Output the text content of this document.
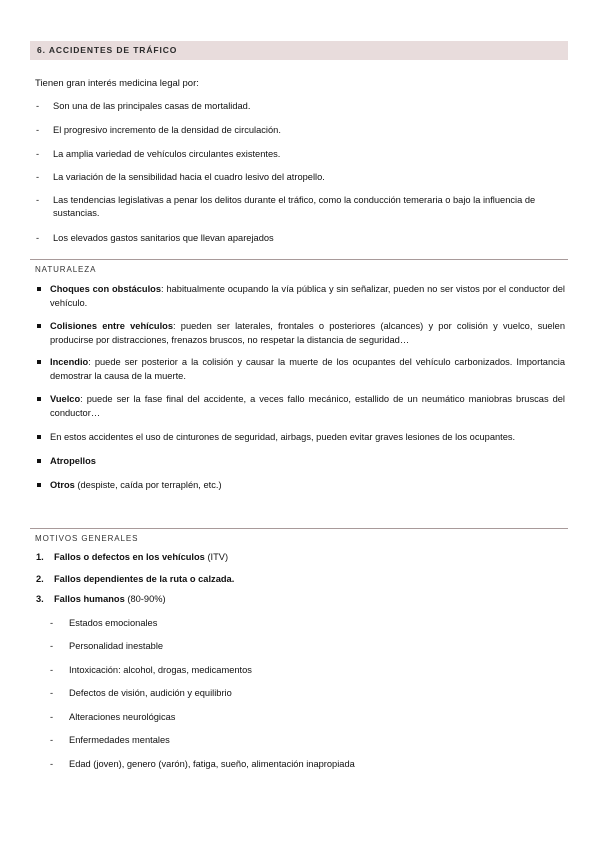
6. ACCIDENTES DE TRÁFICO
Tienen gran interés medicina legal por:
- Son una de las principales casas de mortalidad.
- El progresivo incremento de la densidad de circulación.
- La amplia variedad de vehículos circulantes existentes.
- La variación de la sensibilidad hacia el cuadro lesivo del atropello.
- Las tendencias legislativas a penar los delitos durante el tráfico, como la conducción temeraria o bajo la influencia de sustancias.
- Los elevados gastos sanitarios que llevan aparejados
NATURALEZA
Choques con obstáculos: habitualmente ocupando la vía pública y sin señalizar, pueden no ser vistos por el conductor del vehículo.
Colisiones entre vehículos: pueden ser laterales, frontales o posteriores (alcances) y por colisión y vuelco, suelen producirse por distracciones, frenazos bruscos, no respetar la distancia de seguridad…
Incendio: puede ser posterior a la colisión y causar la muerte de los ocupantes del vehículo carbonizados. Importancia demostrar la causa de la muerte.
Vuelco: puede ser la fase final del accidente, a veces fallo mecánico, estallido de un neumático maniobras bruscas del conductor…
En estos accidentes el uso de cinturones de seguridad, airbags, pueden evitar graves lesiones de los ocupantes.
Atropellos
Otros (despiste, caída por terraplén, etc.)
MOTIVOS GENERALES
1. Fallos o defectos en los vehículos (ITV)
2. Fallos dependientes de la ruta o calzada.
3. Fallos humanos (80-90%)
- Estados emocionales
- Personalidad inestable
- Intoxicación: alcohol, drogas, medicamentos
- Defectos de visión, audición y equilibrio
- Alteraciones neurológicas
- Enfermedades mentales
- Edad (joven), genero (varón), fatiga, sueño, alimentación inapropiada
